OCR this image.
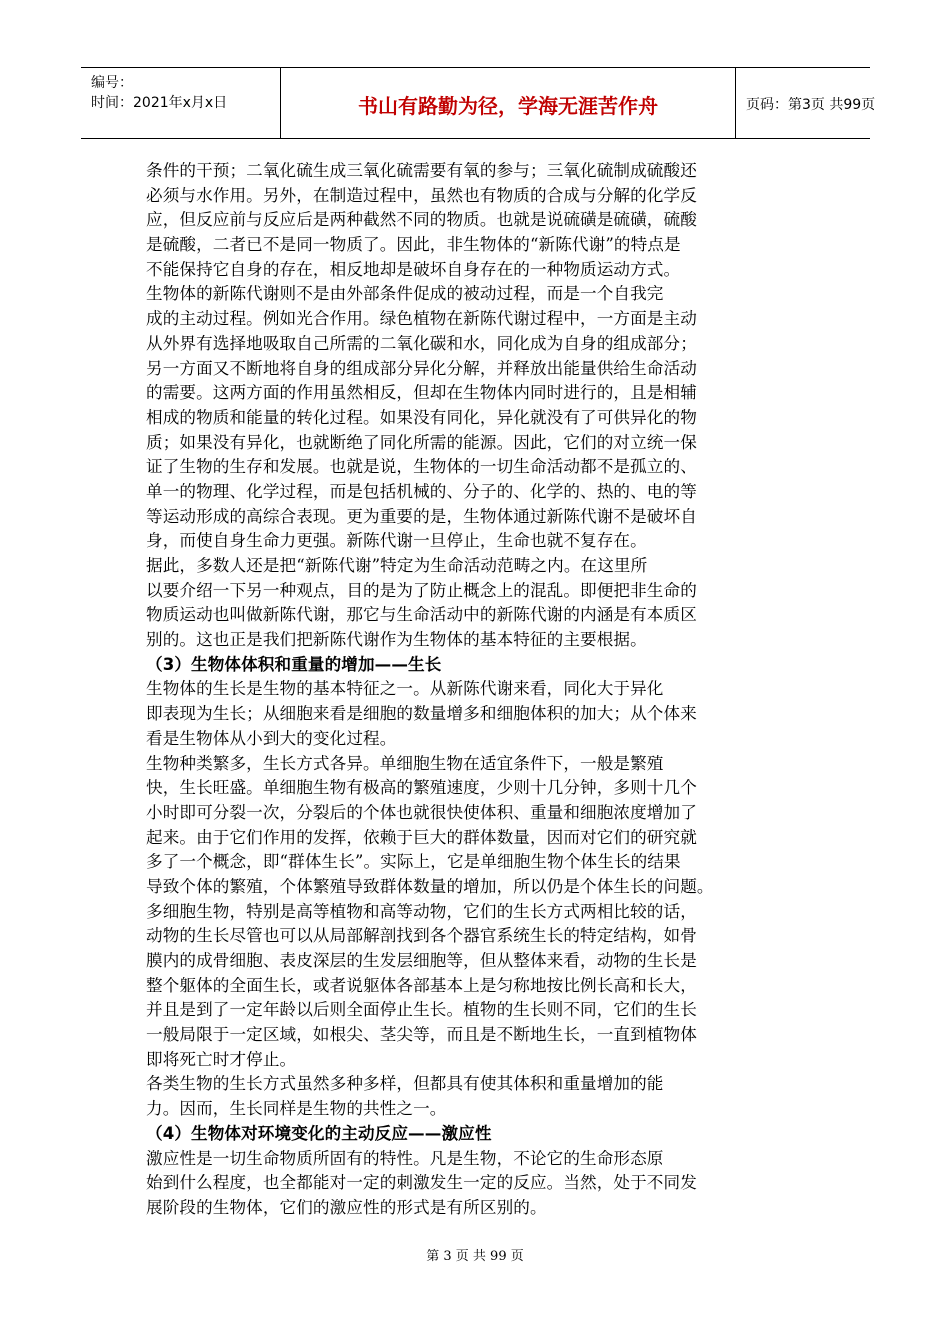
编号：
时间：2021年x月x日	书山有路勤为径，学海无涯苦作舟	页码：第3页 共99页
条件的干预；二氧化硫生成三氧化硫需要有氧的参与；三氧化硫制成硫酸还
必须与水作用。另外，在制造过程中，虽然也有物质的合成与分解的化学反
应，但反应前与反应后是两种截然不同的物质。也就是说硫磺是硫磺，硫酸
是硫酸，二者已不是同一物质了。因此，非生物体的“新陈代谢”的特点是
不能保持它自身的存在，相反地却是破坏自身存在的一种物质运动方式。
生物体的新陈代谢则不是由外部条件促成的被动过程，而是一个自我完
成的主动过程。例如光合作用。绿色植物在新陈代谢过程中，一方面是主动
从外界有选择地吸取自己所需的二氧化碳和水，同化成为自身的组成部分；
另一方面又不断地将自身的组成部分异化分解，并释放出能量供给生命活动
的需要。这两方面的作用虽然相反，但却在生物体内同时进行的，且是相辅
相成的物质和能量的转化过程。如果没有同化，异化就没有了可供异化的物
质；如果没有异化，也就断绝了同化所需的能源。因此，它们的对立统一保
证了生物的生存和发展。也就是说，生物体的一切生命活动都不是孤立的、
单一的物理、化学过程，而是包括机械的、分子的、化学的、热的、电的等
等运动形成的高综合表现。更为重要的是，生物体通过新陈代谢不是破坏自
身，而使自身生命力更强。新陈代谢一旦停止，生命也就不复存在。
据此，多数人还是把“新陈代谢”特定为生命活动范畴之内。在这里所
以要介绍一下另一种观点，目的是为了防止概念上的混乱。即便把非生命的
物质运动也叫做新陈代谢，那它与生命活动中的新陈代谢的内涵是有本质区
别的。这也正是我们把新陈代谢作为生物体的基本特征的主要根据。
（3）生物体体积和重量的增加——生长
生物体的生长是生物的基本特征之一。从新陈代谢来看，同化大于异化
即表现为生长；从细胞来看是细胞的数量增多和细胞体积的加大；从个体来
看是生物体从小到大的变化过程。
生物种类繁多，生长方式各异。单细胞生物在适宜条件下，一般是繁殖
快，生长旺盛。单细胞生物有极高的繁殖速度，少则十几分钟，多则十几个
小时即可分裂一次，分裂后的个体也就很快使体积、重量和细胞浓度增加了
起来。由于它们作用的发挥，依赖于巨大的群体数量，因而对它们的研究就
多了一个概念，即“群体生长”。实际上，它是单细胞生物个体生长的结果
导致个体的繁殖，个体繁殖导致群体数量的增加，所以仍是个体生长的问题。
多细胞生物，特别是高等植物和高等动物，它们的生长方式两相比较的话，
动物的生长尽管也可以从局部解剖找到各个器官系统生长的特定结构，如骨
膜内的成骨细胞、表皮深层的生发层细胞等，但从整体来看，动物的生长是
整个躯体的全面生长，或者说躯体各部基本上是匀称地按比例长高和长大，
并且是到了一定年龄以后则全面停止生长。植物的生长则不同，它们的生长
一般局限于一定区域，如根尖、茎尖等，而且是不断地生长，一直到植物体
即将死亡时才停止。
各类生物的生长方式虽然多种多样，但都具有使其体积和重量增加的能
力。因而，生长同样是生物的共性之一。
（4）生物体对环境变化的主动反应——激应性
激应性是一切生命物质所固有的特性。凡是生物，不论它的生命形态原
始到什么程度，也全都能对一定的刺激发生一定的反应。当然，处于不同发
展阶段的生物体，它们的激应性的形式是有所区别的。
第 3 页 共 99 页
